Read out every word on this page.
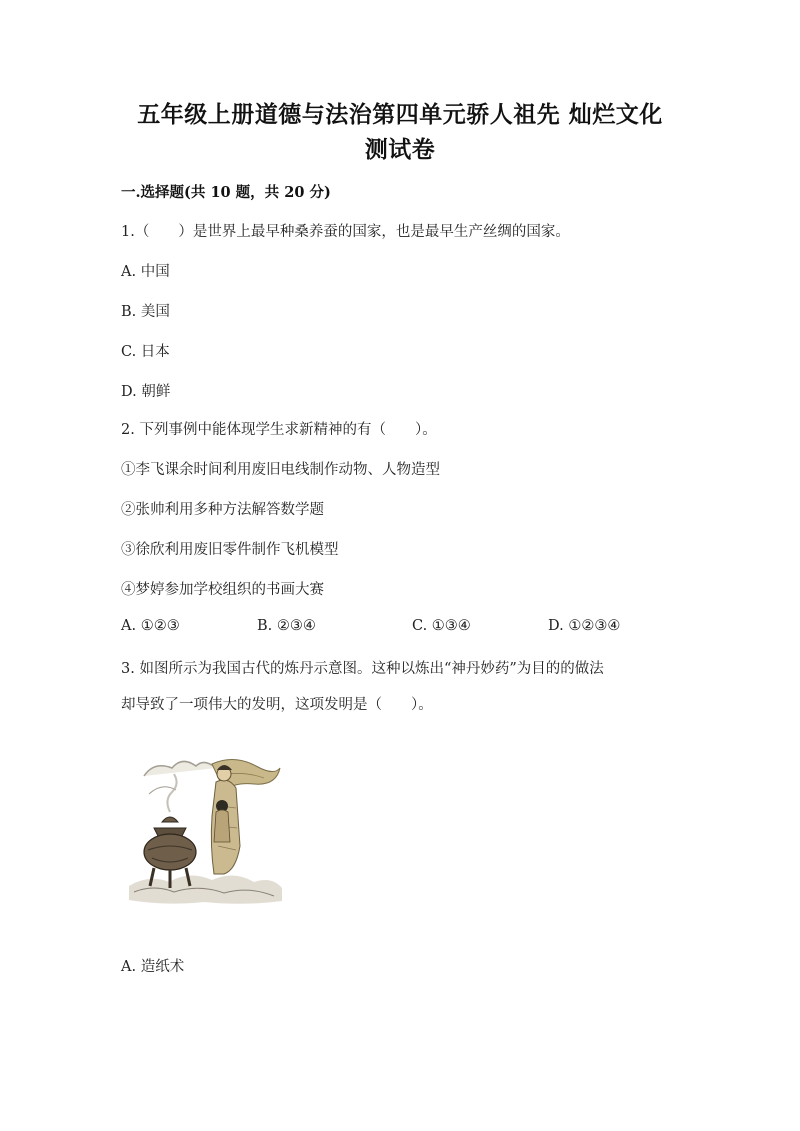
五年级上册道德与法治第四单元骄人祖先 灿烂文化
测试卷
一.选择题(共 10 题，共 20 分)
1.（　　）是世界上最早种桑养蚕的国家，也是最早生产丝绸的国家。
A. 中国
B. 美国
C. 日本
D. 朝鲜
2. 下列事例中能体现学生求新精神的有（　　）。
①李飞课余时间利用废旧电线制作动物、人物造型
②张帅利用多种方法解答数学题
③徐欣利用废旧零件制作飞机模型
④梦婷参加学校组织的书画大赛
A. ①②③	B. ②③④	C. ①③④	D. ①②③④
3. 如图所示为我国古代的炼丹示意图。这种以炼出“神丹妙药”为目的的做法
却导致了一项伟大的发明，这项发明是（　　）。
A. 造纸术
